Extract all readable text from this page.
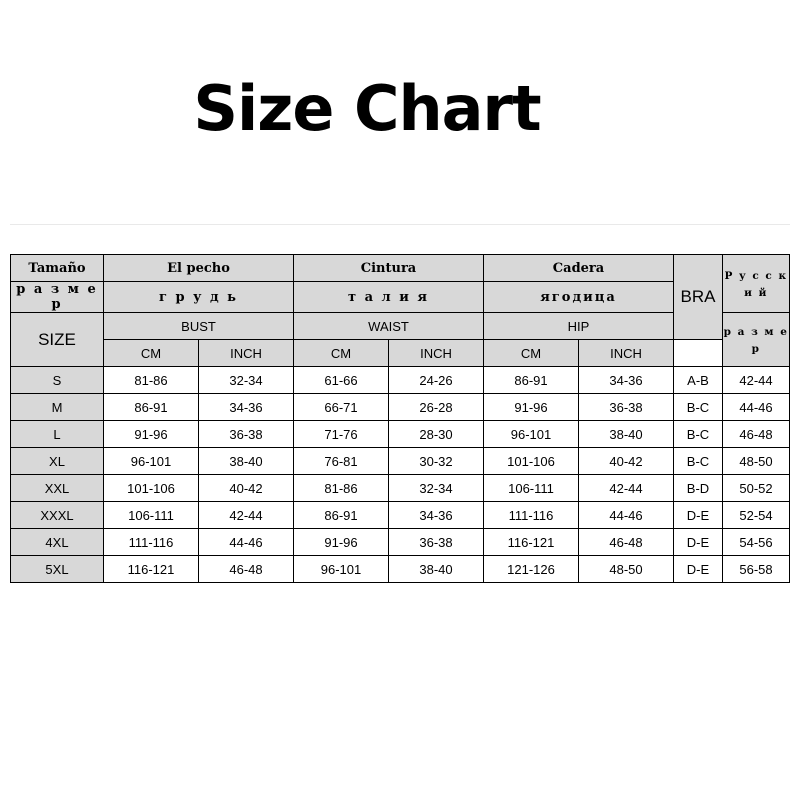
Size Chart
Tamaño	El pecho		Cintura		Cadera		BRA	P у с с к и й
р а з м е р	г р у д ь		т а л и я		ягодица			
SIZE	BUST		WAIST		HIP			р а з м е р
	CM	INCH	CM	INCH	CM	INCH		
S	81-86	32-34	61-66	24-26	86-91	34-36	A-B	42-44
M	86-91	34-36	66-71	26-28	91-96	36-38	B-C	44-46
L	91-96	36-38	71-76	28-30	96-101	38-40	B-C	46-48
XL	96-101	38-40	76-81	30-32	101-106	40-42	B-C	48-50
XXL	101-106	40-42	81-86	32-34	106-111	42-44	B-D	50-52
XXXL	106-111	42-44	86-91	34-36	111-116	44-46	D-E	52-54
4XL	111-116	44-46	91-96	36-38	116-121	46-48	D-E	54-56
5XL	116-121	46-48	96-101	38-40	121-126	48-50	D-E	56-58
